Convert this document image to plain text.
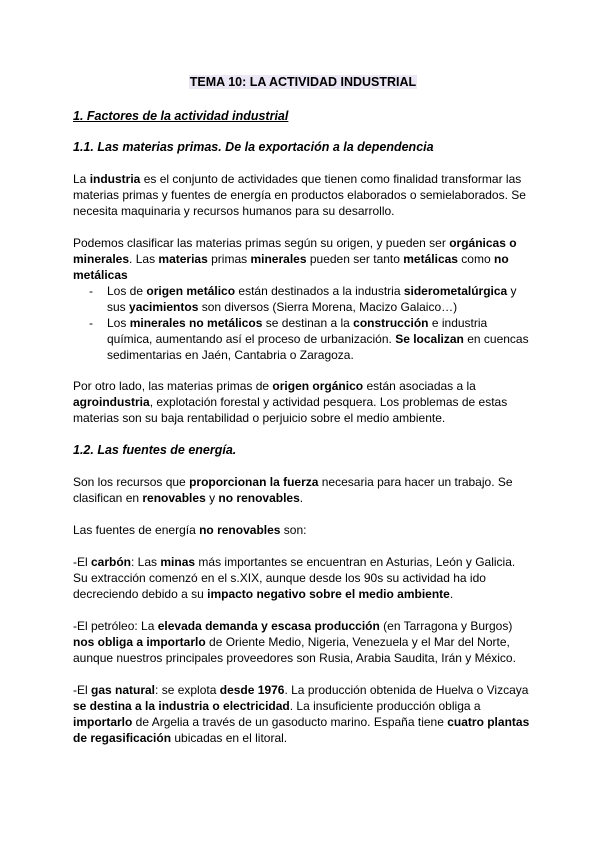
TEMA 10: LA ACTIVIDAD INDUSTRIAL
1. Factores de la actividad industrial
1.1. Las materias primas. De la exportación a la dependencia

La industria es el conjunto de actividades que tienen como finalidad transformar las materias primas y fuentes de energía en productos elaborados o semielaborados. Se necesita maquinaria y recursos humanos para su desarrollo.

Podemos clasificar las materias primas según su origen, y pueden ser orgánicas o minerales. Las materias primas minerales pueden ser tanto metálicas como no metálicas

- Los de origen metálico están destinados a la industria siderometalúrgica y sus yacimientos son diversos (Sierra Morena, Macizo Galaico…)
- Los minerales no metálicos se destinan a la construcción e industria química, aumentando así el proceso de urbanización. Se localizan en cuencas sedimentarias en Jaén, Cantabria o Zaragoza.

Por otro lado, las materias primas de origen orgánico están asociadas a la agroindustria, explotación forestal y actividad pesquera. Los problemas de estas materias son su baja rentabilidad o perjuicio sobre el medio ambiente.

1.2. Las fuentes de energía.

Son los recursos que proporcionan la fuerza necesaria para hacer un trabajo. Se clasifican en renovables y no renovables.

Las fuentes de energía no renovables son:

-El carbón: Las minas más importantes se encuentran en Asturias, León y Galicia. Su extracción comenzó en el s.XIX, aunque desde los 90s su actividad ha ido decreciendo debido a su impacto negativo sobre el medio ambiente.

-El petróleo: La elevada demanda y escasa producción (en Tarragona y Burgos) nos obliga a importarlo de Oriente Medio, Nigeria, Venezuela y el Mar del Norte, aunque nuestros principales proveedores son Rusia, Arabia Saudita, Irán y México.

-El gas natural: se explota desde 1976. La producción obtenida de Huelva o Vizcaya se destina a la industria o electricidad. La insuficiente producción obliga a importarlo de Argelia a través de un gasoducto marino. España tiene cuatro plantas de regasificación ubicadas en el litoral.
